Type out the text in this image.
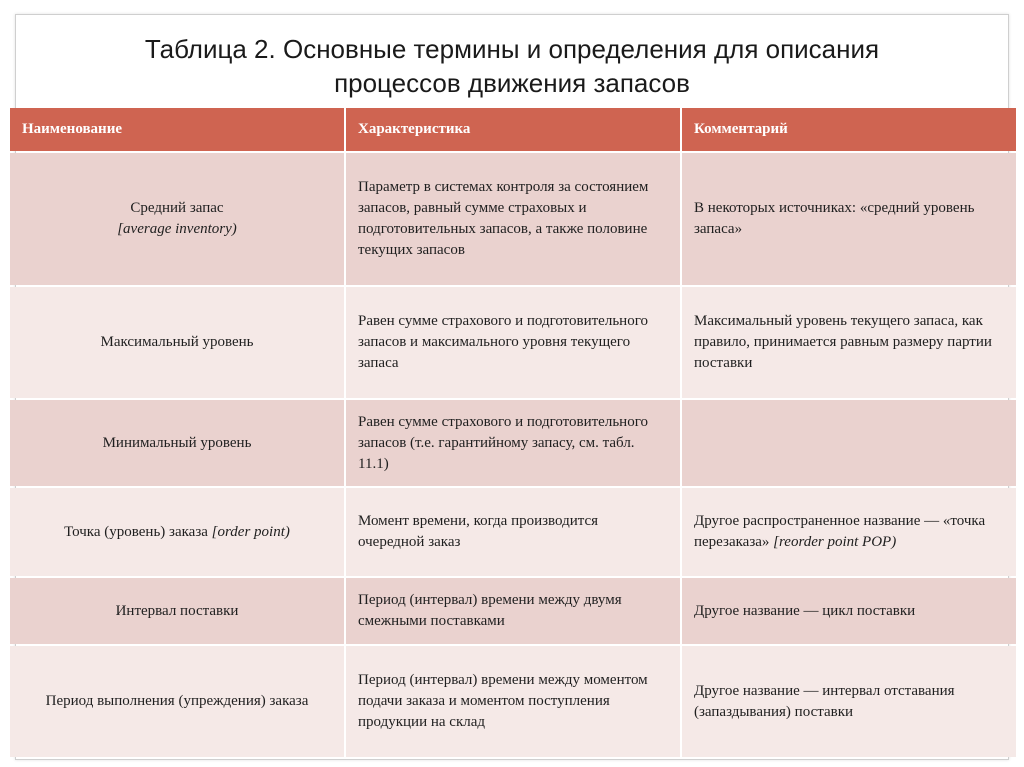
Таблица 2. Основные термины и определения для описания
процессов движения запасов
Наименование	Характеристика	Комментарий
Средний запас
[average inventory)
Параметр в системах контроля за состоянием запасов, равный сумме страховых и подготовительных запасов, а также половине текущих запасов
В некоторых источниках: «средний уровень запаса»
Максимальный уровень
Равен сумме страхового и подготовительного запасов и максимального уровня текущего запаса
Максимальный уровень текущего запаса, как правило, принимается равным размеру партии поставки
Минимальный уровень
Равен сумме страхового и подготовительного запасов (т.е. гарантийному запасу, см. табл. 11.1)
Точка (уровень) заказа [order point)
Момент времени, когда производится очередной заказ
Другое распространенное название — «точка перезаказа» [reorder point POP)
Интервал поставки
Период (интервал) времени между двумя смежными поставками
Другое название — цикл поставки
Период выполнения (упреждения) заказа
Период (интервал) времени между моментом подачи заказа и моментом поступления продукции на склад
Другое название — интервал отставания (запаздывания) поставки
